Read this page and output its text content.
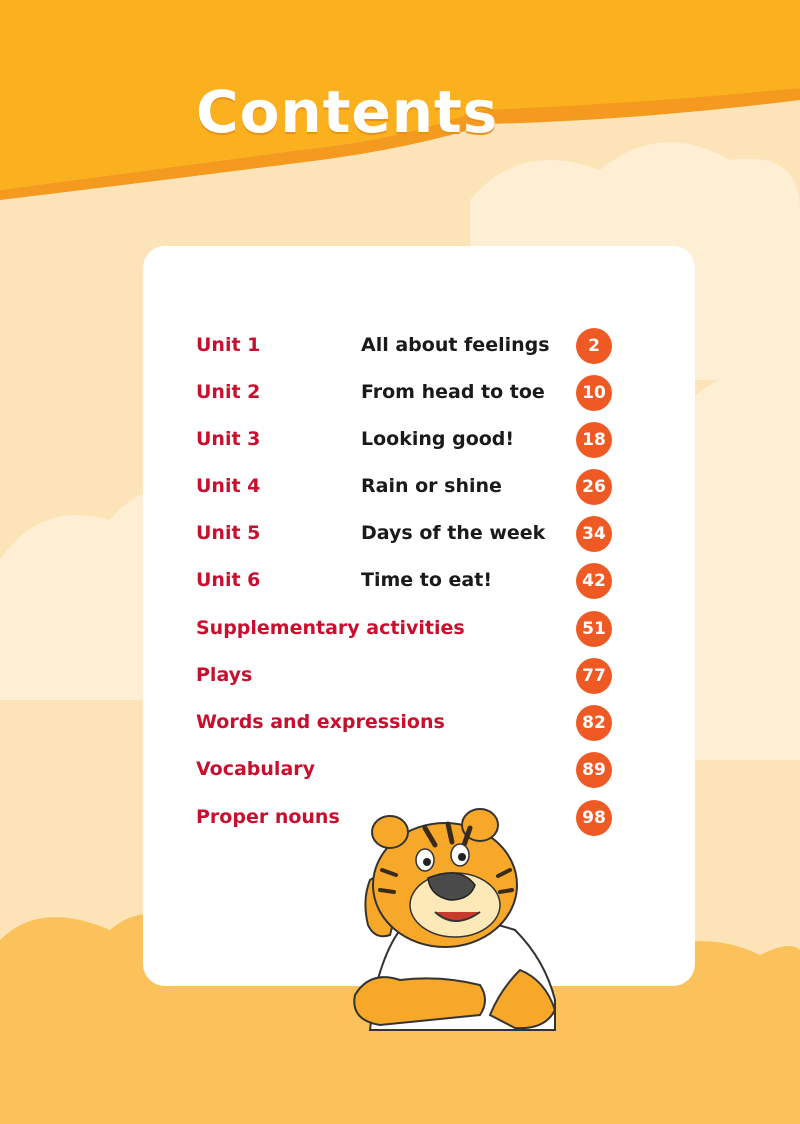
Contents
Unit 1	All about feelings	2
Unit 2	From head to toe	10
Unit 3	Looking good!	18
Unit 4	Rain or shine	26
Unit 5	Days of the week	34
Unit 6	Time to eat!	42
Supplementary activities	51
Plays	77
Words and expressions	82
Vocabulary	89
Proper nouns	98
